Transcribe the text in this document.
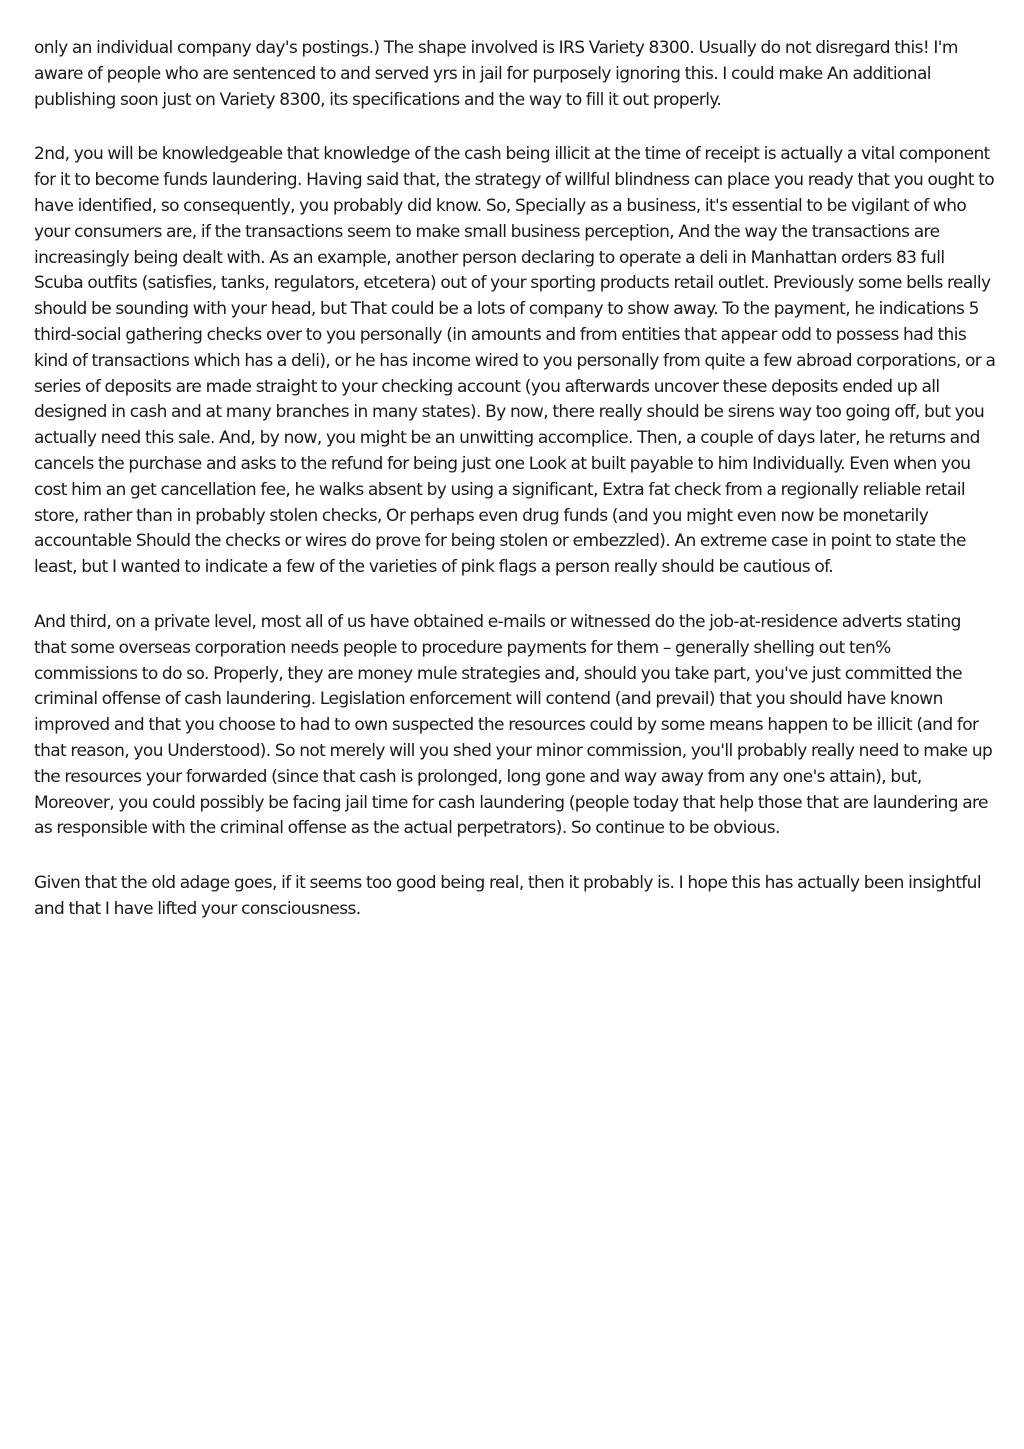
only an individual company day's postings.) The shape involved is IRS Variety 8300. Usually do not disregard this! I'm aware of people who are sentenced to and served yrs in jail for purposely ignoring this. I could make An additional publishing soon just on Variety 8300, its specifications and the way to fill it out properly.

2nd, you will be knowledgeable that knowledge of the cash being illicit at the time of receipt is actually a vital component for it to become funds laundering. Having said that, the strategy of willful blindness can place you ready that you ought to have identified, so consequently, you probably did know. So, Specially as a business, it's essential to be vigilant of who your consumers are, if the transactions seem to make small business perception, And the way the transactions are increasingly being dealt with. As an example, another person declaring to operate a deli in Manhattan orders 83 full Scuba outfits (satisfies, tanks, regulators, etcetera) out of your sporting products retail outlet. Previously some bells really should be sounding with your head, but That could be a lots of company to show away. To the payment, he indications 5 third-social gathering checks over to you personally (in amounts and from entities that appear odd to possess had this kind of transactions which has a deli), or he has income wired to you personally from quite a few abroad corporations, or a series of deposits are made straight to your checking account (you afterwards uncover these deposits ended up all designed in cash and at many branches in many states). By now, there really should be sirens way too going off, but you actually need this sale. And, by now, you might be an unwitting accomplice. Then, a couple of days later, he returns and cancels the purchase and asks to the refund for being just one Look at built payable to him Individually. Even when you cost him an get cancellation fee, he walks absent by using a significant, Extra fat check from a regionally reliable retail store, rather than in probably stolen checks, Or perhaps even drug funds (and you might even now be monetarily accountable Should the checks or wires do prove for being stolen or embezzled). An extreme case in point to state the least, but I wanted to indicate a few of the varieties of pink flags a person really should be cautious of.

And third, on a private level, most all of us have obtained e-mails or witnessed do the job-at-residence adverts stating that some overseas corporation needs people to procedure payments for them – generally shelling out ten% commissions to do so. Properly, they are money mule strategies and, should you take part, you've just committed the criminal offense of cash laundering. Legislation enforcement will contend (and prevail) that you should have known improved and that you choose to had to own suspected the resources could by some means happen to be illicit (and for that reason, you Understood). So not merely will you shed your minor commission, you'll probably really need to make up the resources your forwarded (since that cash is prolonged, long gone and way away from any one's attain), but, Moreover, you could possibly be facing jail time for cash laundering (people today that help those that are laundering are as responsible with the criminal offense as the actual perpetrators). So continue to be obvious.

Given that the old adage goes, if it seems too good being real, then it probably is. I hope this has actually been insightful and that I have lifted your consciousness.
